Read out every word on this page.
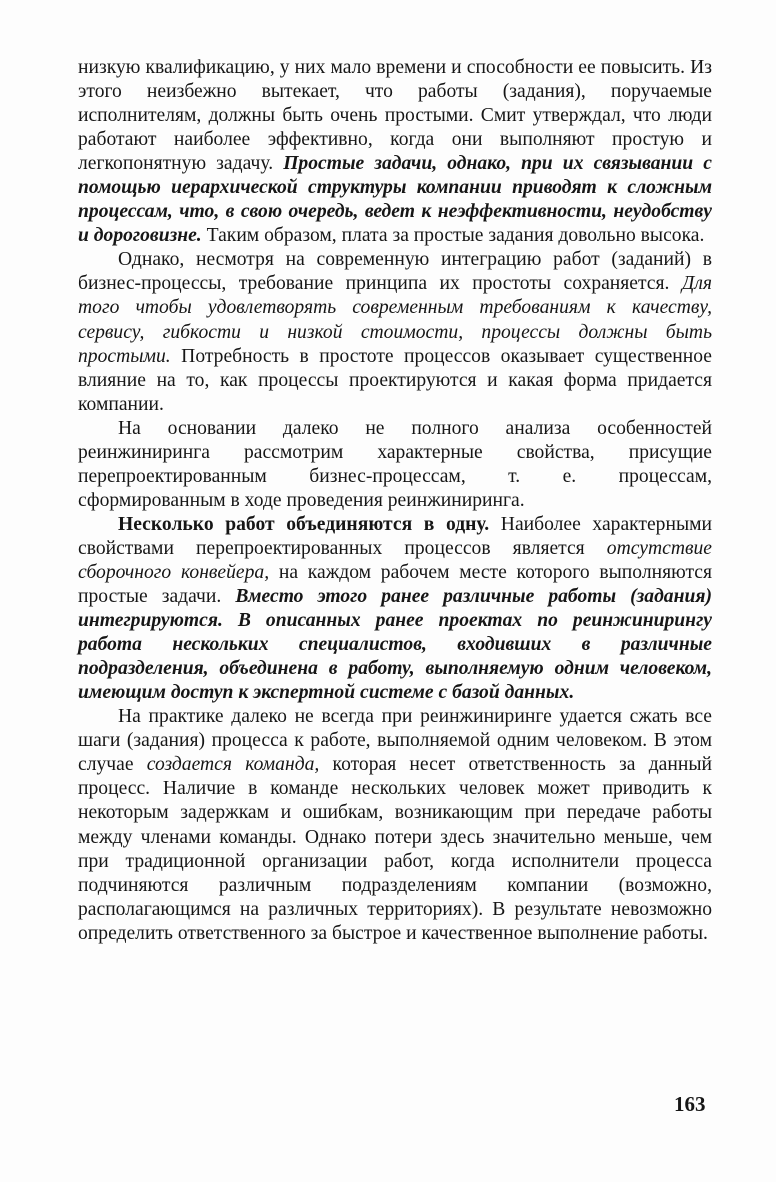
низкую квалификацию, у них мало времени и способности ее повысить. Из этого неизбежно вытекает, что работы (задания), поручаемые исполнителям, должны быть очень простыми. Смит утверждал, что люди работают наиболее эффективно, когда они выполняют простую и легкопонятную задачу. Простые задачи, однако, при их связывании с помощью иерархической структуры компании приводят к сложным процессам, что, в свою очередь, ведет к неэффективности, неудобству и дороговизне. Таким образом, плата за простые задания довольно высока.

Однако, несмотря на современную интеграцию работ (заданий) в бизнес-процессы, требование принципа их простоты сохраняется. Для того чтобы удовлетворять современным требованиям к качеству, сервису, гибкости и низкой стоимости, процессы должны быть простыми. Потребность в простоте процессов оказывает существенное влияние на то, как процессы проектируются и какая форма придается компании.

На основании далеко не полного анализа особенностей реинжиниринга рассмотрим характерные свойства, присущие перепроектированным бизнес-процессам, т. е. процессам, сформированным в ходе проведения реинжиниринга.

Несколько работ объединяются в одну. Наиболее характерными свойствами перепроектированных процессов является отсутствие сборочного конвейера, на каждом рабочем месте которого выполняются простые задачи. Вместо этого ранее различные работы (задания) интегрируются. В описанных ранее проектах по реинжинирингу работа нескольких специалистов, входивших в различные подразделения, объединена в работу, выполняемую одним человеком, имеющим доступ к экспертной системе с базой данных.

На практике далеко не всегда при реинжиниринге удается сжать все шаги (задания) процесса к работе, выполняемой одним человеком. В этом случае создается команда, которая несет ответственность за данный процесс. Наличие в команде нескольких человек может приводить к некоторым задержкам и ошибкам, возникающим при передаче работы между членами команды. Однако потери здесь значительно меньше, чем при традиционной организации работ, когда исполнители процесса подчиняются различным подразделениям компании (возможно, располагающимся на различных территориях). В результате невозможно определить ответственного за быстрое и качественное выполнение работы.

163
